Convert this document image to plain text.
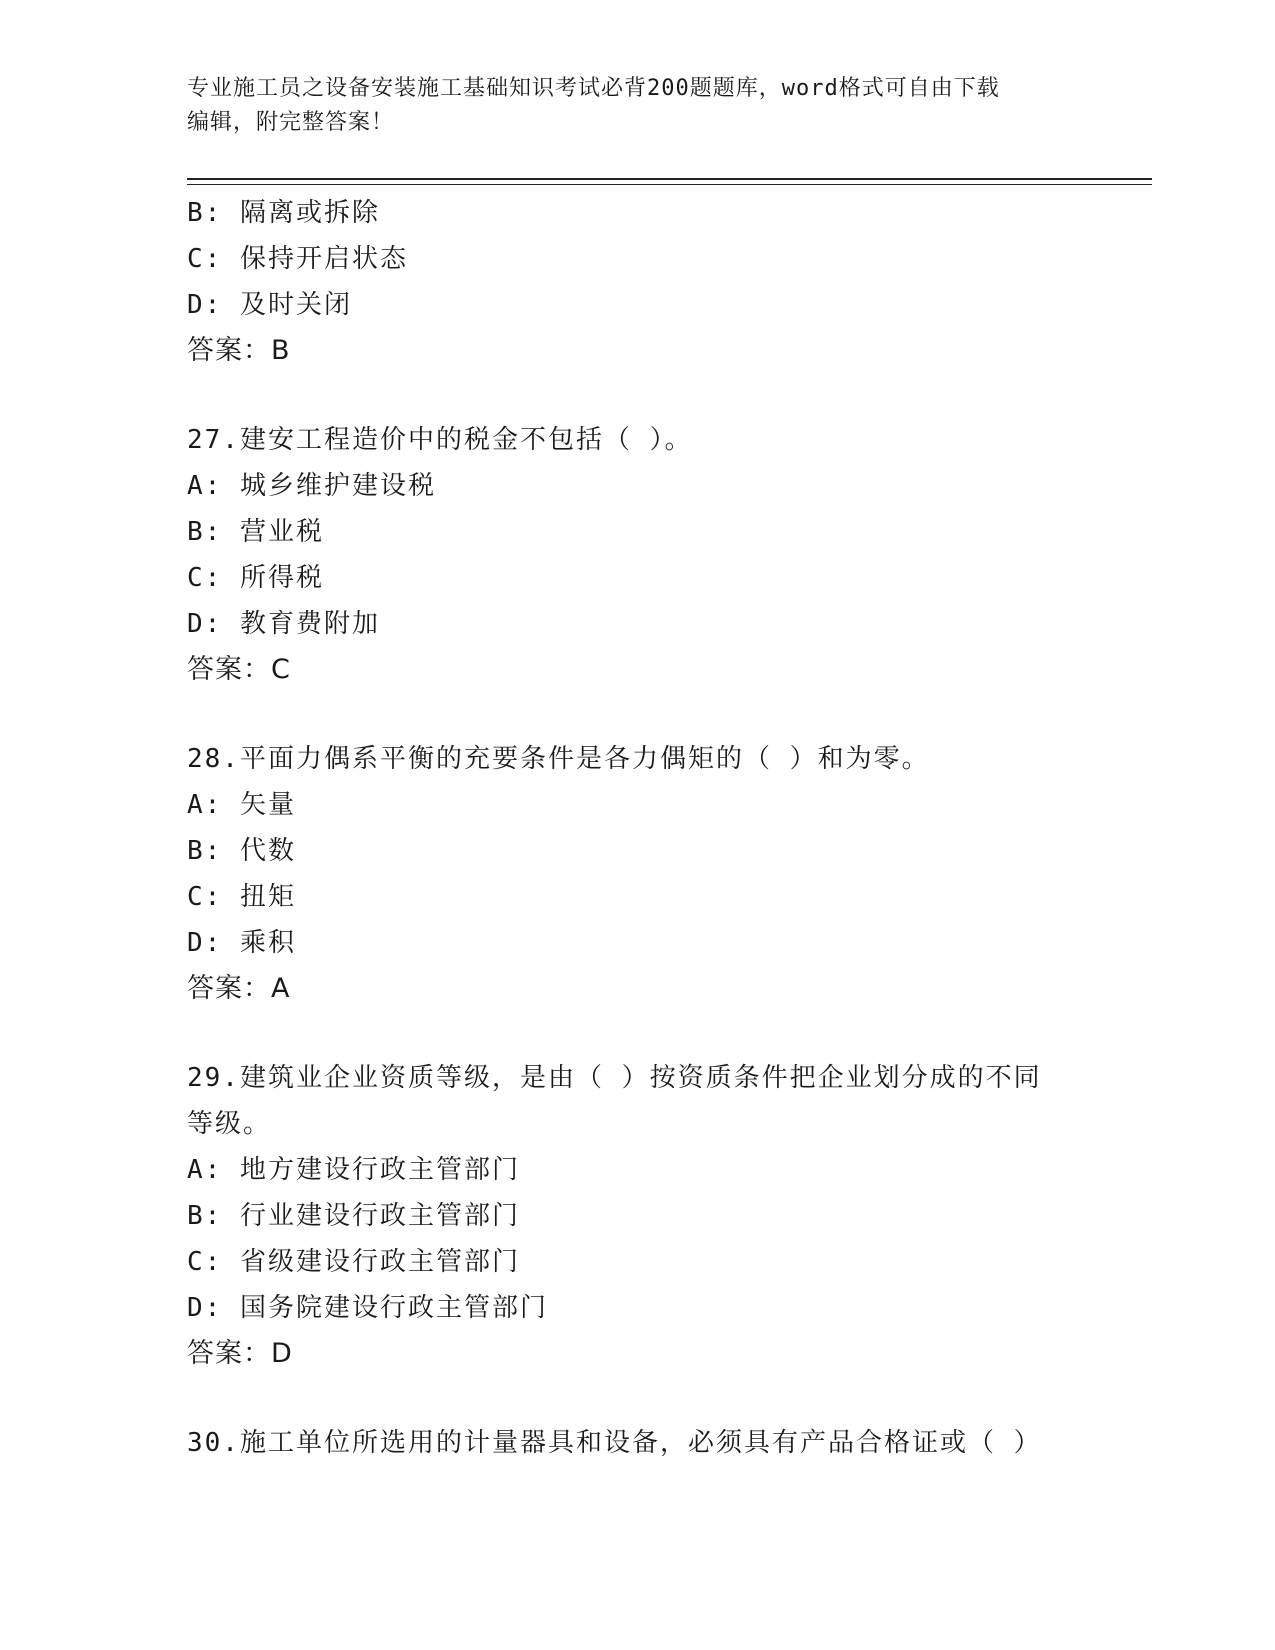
专业施工员之设备安装施工基础知识考试必背200题题库，word格式可自由下载
编辑，附完整答案！
B: 隔离或拆除
C: 保持开启状态
D: 及时关闭
答案：B
27.建安工程造价中的税金不包括（ ）。
A: 城乡维护建设税
B: 营业税
C: 所得税
D: 教育费附加
答案：C
28.平面力偶系平衡的充要条件是各力偶矩的（ ）和为零。
A: 矢量
B: 代数
C: 扭矩
D: 乘积
答案：A
29.建筑业企业资质等级，是由（ ）按资质条件把企业划分成的不同
等级。
A: 地方建设行政主管部门
B: 行业建设行政主管部门
C: 省级建设行政主管部门
D: 国务院建设行政主管部门
答案：D
30.施工单位所选用的计量器具和设备，必须具有产品合格证或（ ）
